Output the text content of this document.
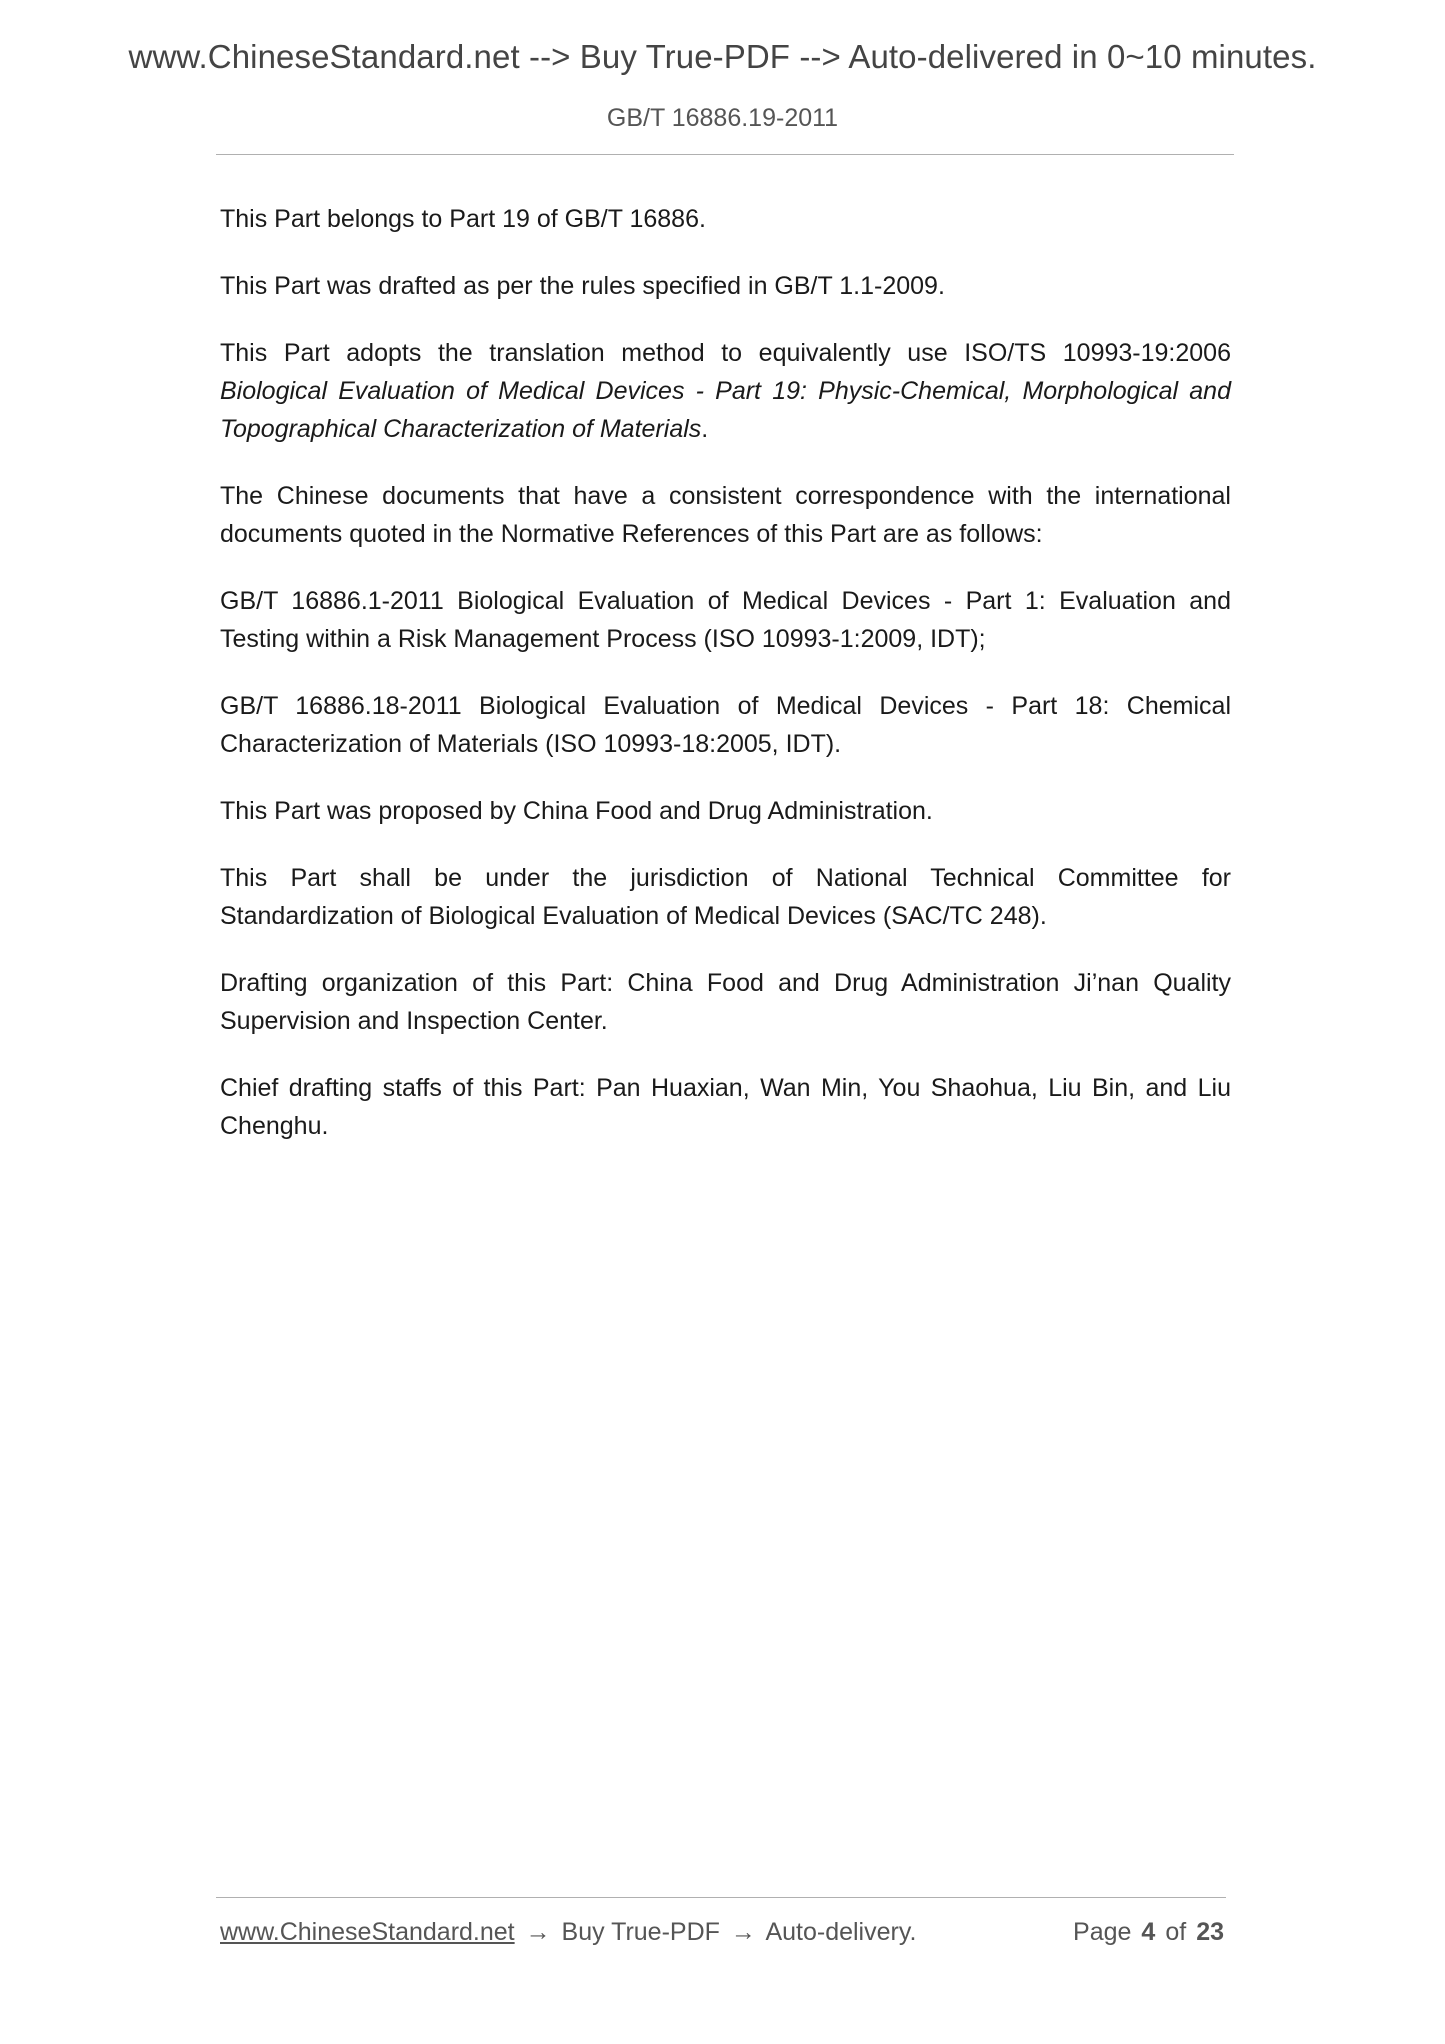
www.ChineseStandard.net --> Buy True-PDF --> Auto-delivered in 0~10 minutes.
GB/T 16886.19-2011

This Part belongs to Part 19 of GB/T 16886.

This Part was drafted as per the rules specified in GB/T 1.1-2009.

This Part adopts the translation method to equivalently use ISO/TS 10993-19:2006 Biological Evaluation of Medical Devices - Part 19: Physic-Chemical, Morphological and Topographical Characterization of Materials.

The Chinese documents that have a consistent correspondence with the international documents quoted in the Normative References of this Part are as follows:

GB/T 16886.1-2011 Biological Evaluation of Medical Devices - Part 1: Evaluation and Testing within a Risk Management Process (ISO 10993-1:2009, IDT);

GB/T 16886.18-2011 Biological Evaluation of Medical Devices - Part 18: Chemical Characterization of Materials (ISO 10993-18:2005, IDT).

This Part was proposed by China Food and Drug Administration.

This Part shall be under the jurisdiction of National Technical Committee for Standardization of Biological Evaluation of Medical Devices (SAC/TC 248).

Drafting organization of this Part: China Food and Drug Administration Ji’nan Quality Supervision and Inspection Center.

Chief drafting staffs of this Part: Pan Huaxian, Wan Min, You Shaohua, Liu Bin, and Liu Chenghu.

www.ChineseStandard.net → Buy True-PDF → Auto-delivery.	Page 4 of 23
